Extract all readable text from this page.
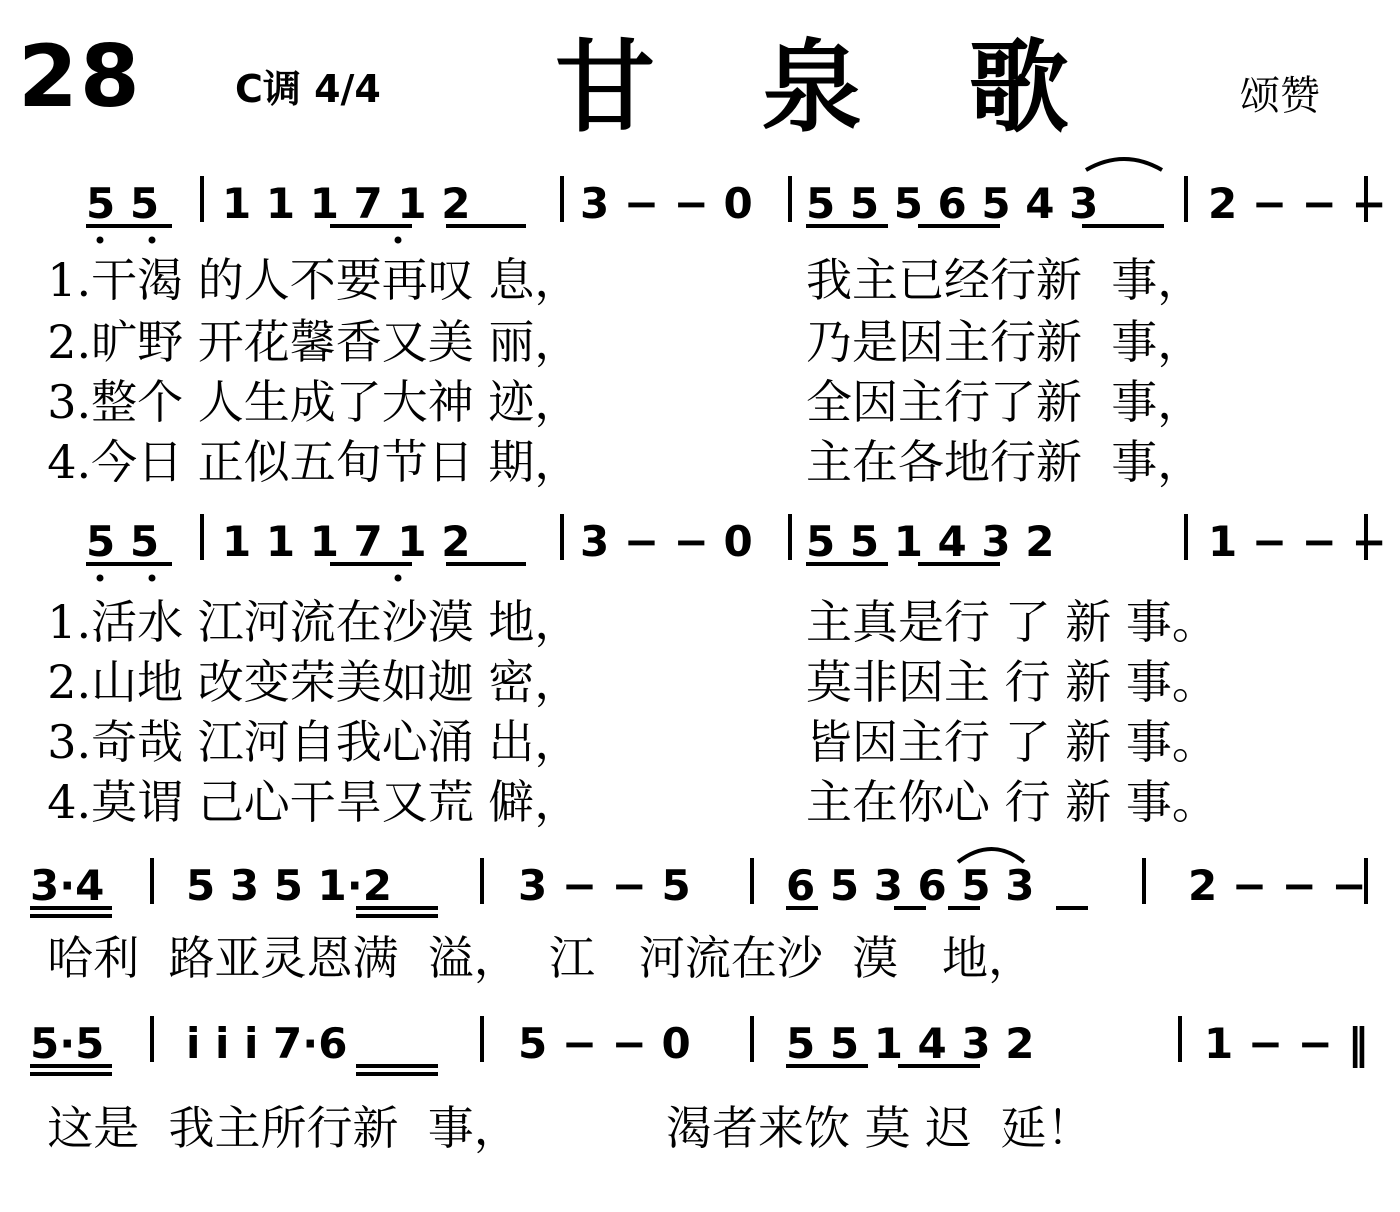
28 C调 4/4 甘 泉 歌	颂赞
5 5 1 1 1 7 1 2	3 − − 0 5 5 5 6 5 4 3	2 − − −
5 5 1 1 1 7 1 2	3 − − 0 5 5 1 4 3 2	1 − − −
3·4 5 3 5 1·2	3 − − 5 6 5 3 6 5 3	2 − − −
5·5 i i i 7·6	5 − − 0 5 5 1 4 3 2	1 − − ‖

1.干渴 的人不要再叹 息，

	我主已经行新  事，

2.旷野 开花馨香又美 丽，

	乃是因主行新  事，

3.整个 人生成了大神 迹，

	全因主行了新  事，

4.今日 正似五旬节日 期，

	主在各地行新  事，

1.活水 江河流在沙漠 地，

	主真是行 了 新 事。

2.山地 改变荣美如迦 密，

	莫非因主 行 新 事。

3.奇哉 江河自我心涌 出，

	皆因主行 了 新 事。

4.莫谓 己心干旱又荒 僻，

	主在你心 行 新 事。

哈利  路亚灵恩满  溢，  江   河流在沙  漠   地，

这是  我主所行新  事，          渴者来饮 莫 迟  延！
